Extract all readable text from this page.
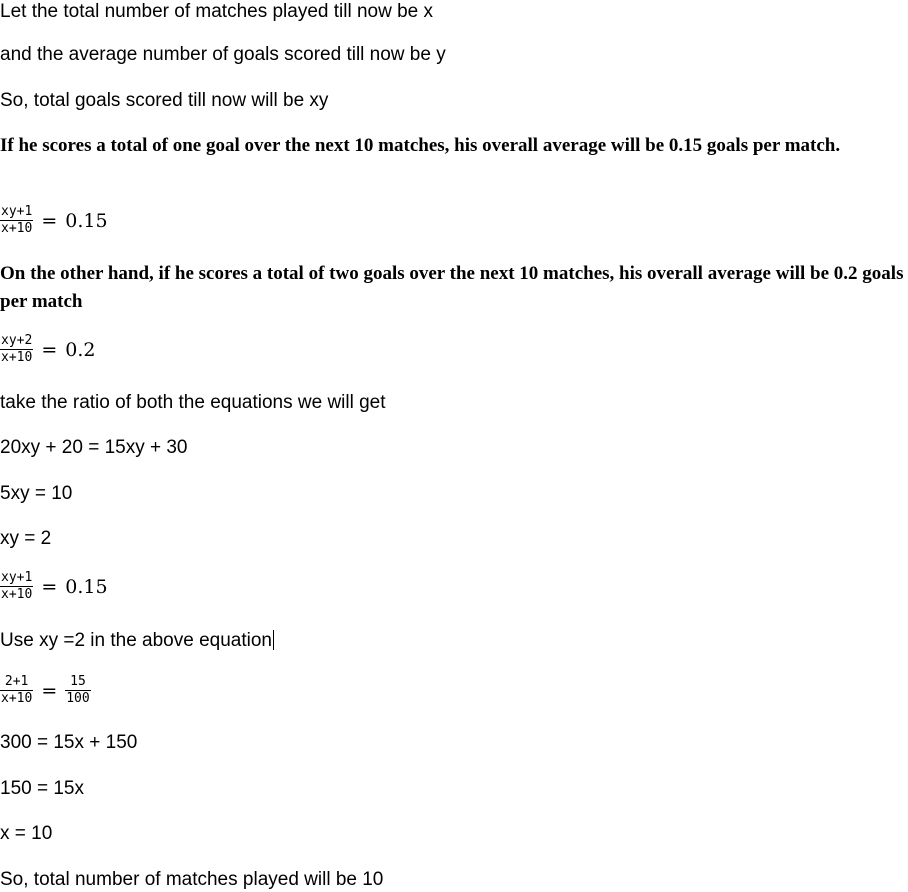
Let the total number of matches played till now be x
and the average number of goals scored till now be y
So, total goals scored till now will be xy
If he scores a total of one goal over the next 10 matches, his overall average will be 0.15 goals per match.
$\frac{xy+1}{x+10} = 0.15$
On the other hand, if he scores a total of two goals over the next 10 matches, his overall average will be 0.2 goals per match
$\frac{xy+2}{x+10} = 0.2$
take the ratio of both the equations we will get
20xy + 20 = 15xy + 30
5xy = 10
xy = 2
$\frac{xy+1}{x+10} = 0.15$
Use xy =2 in the above equation
$\frac{2+1}{x+10} = \frac{15}{100}$
300 = 15x + 150
150 = 15x
x = 10
So, total number of matches played will be 10
